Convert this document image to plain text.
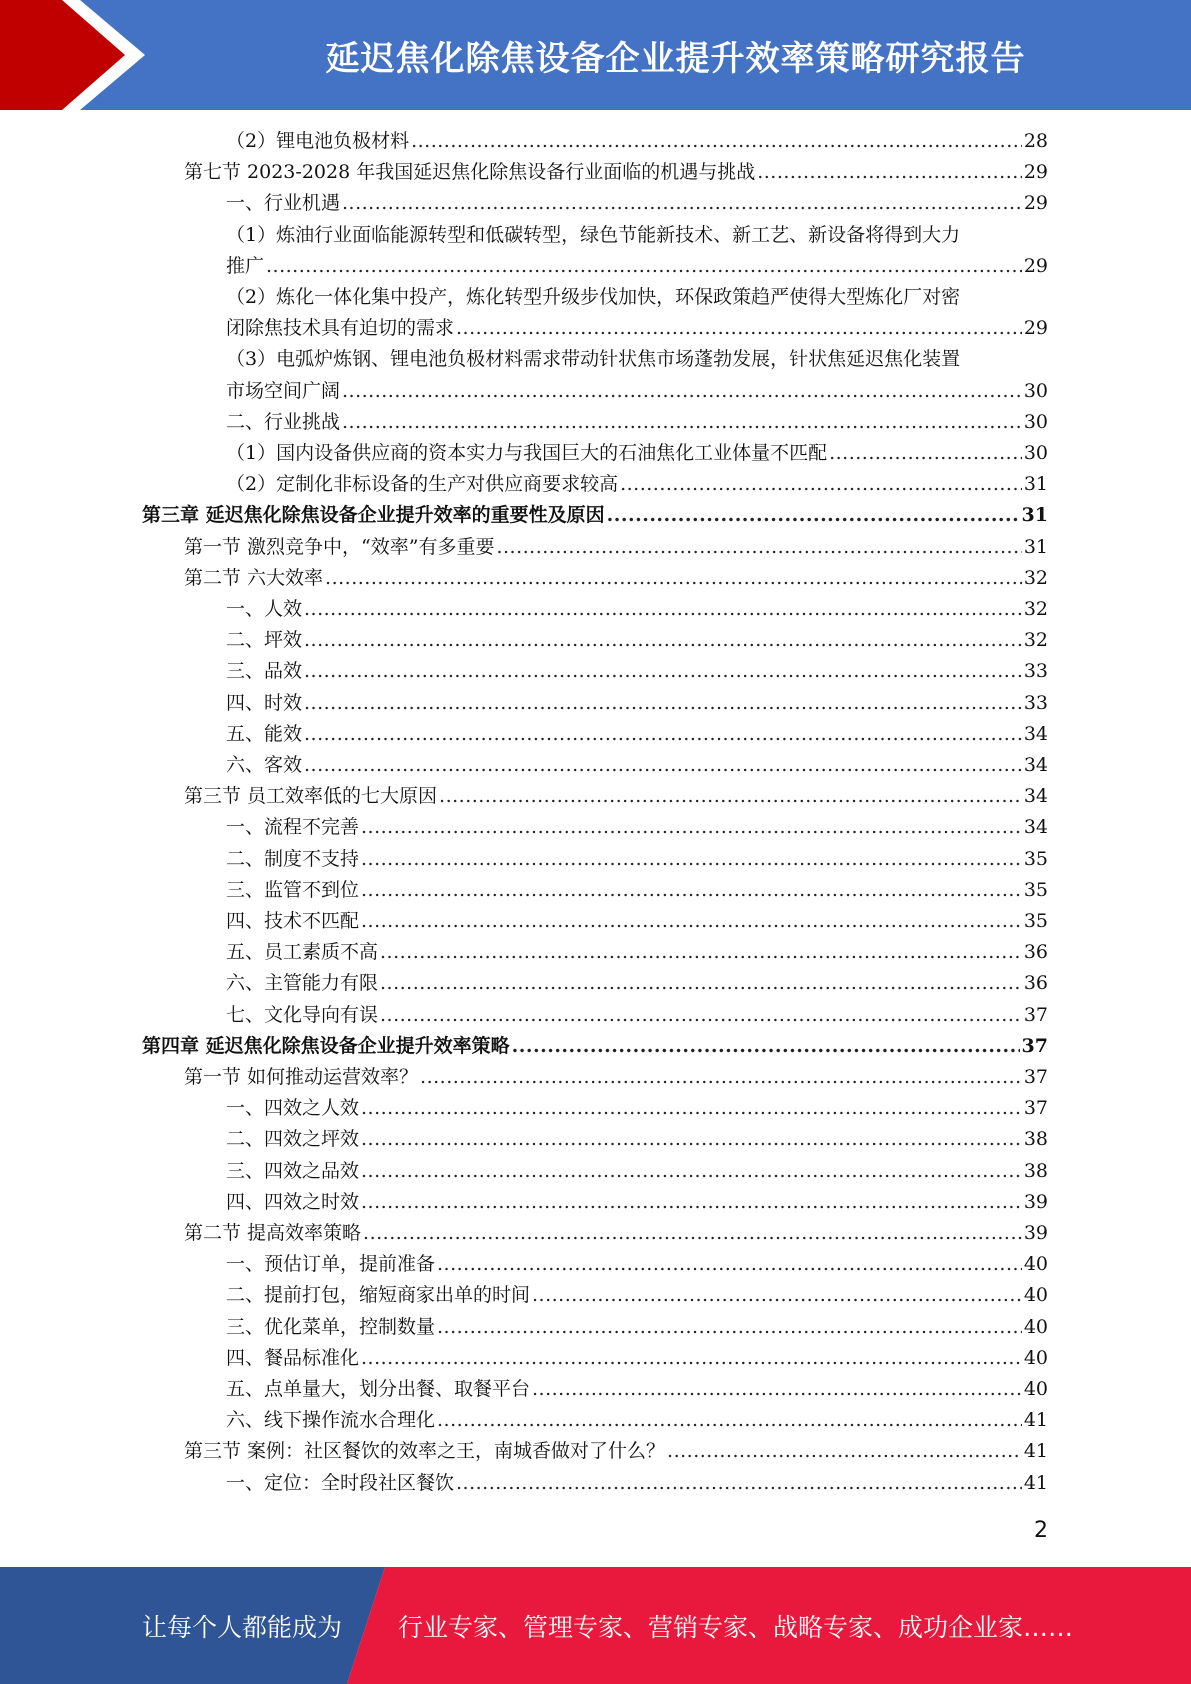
延迟焦化除焦设备企业提升效率策略研究报告
（2）锂电池负极材料 .....	28
第七节 2023-2028 年我国延迟焦化除焦设备行业面临的机遇与挑战 .....	29
一、行业机遇 .....	29
（1）炼油行业面临能源转型和低碳转型，绿色节能新技术、新工艺、新设备将得到大力
推广 .....	29
（2）炼化一体化集中投产，炼化转型升级步伐加快，环保政策趋严使得大型炼化厂对密
闭除焦技术具有迫切的需求 .....	29
（3）电弧炉炼钢、锂电池负极材料需求带动针状焦市场蓬勃发展，针状焦延迟焦化装置
市场空间广阔 .....	30
二、行业挑战 .....	30
（1）国内设备供应商的资本实力与我国巨大的石油焦化工业体量不匹配 .....	30
（2）定制化非标设备的生产对供应商要求较高 .....	31
第三章 延迟焦化除焦设备企业提升效率的重要性及原因 .....	31
第一节 激烈竞争中，“效率”有多重要 .....	31
第二节 六大效率 .....	32
一、人效 .....	32
二、坪效 .....	32
三、品效 .....	33
四、时效 .....	33
五、能效 .....	34
六、客效 .....	34
第三节 员工效率低的七大原因 .....	34
一、流程不完善 .....	34
二、制度不支持 .....	35
三、监管不到位 .....	35
四、技术不匹配 .....	35
五、员工素质不高 .....	36
六、主管能力有限 .....	36
七、文化导向有误 .....	37
第四章 延迟焦化除焦设备企业提升效率策略 .....	37
第一节 如何推动运营效率？ .....	37
一、四效之人效 .....	37
二、四效之坪效 .....	38
三、四效之品效 .....	38
四、四效之时效 .....	39
第二节 提高效率策略 .....	39
一、预估订单，提前准备 .....	40
二、提前打包，缩短商家出单的时间 .....	40
三、优化菜单，控制数量 .....	40
四、餐品标准化 .....	40
五、点单量大，划分出餐、取餐平台 .....	40
六、线下操作流水合理化 .....	41
第三节 案例：社区餐饮的效率之王，南城香做对了什么？ .....	41
一、定位：全时段社区餐饮 .....	41
2
让每个人都能成为 行业专家、管理专家、营销专家、战略专家、成功企业家……
